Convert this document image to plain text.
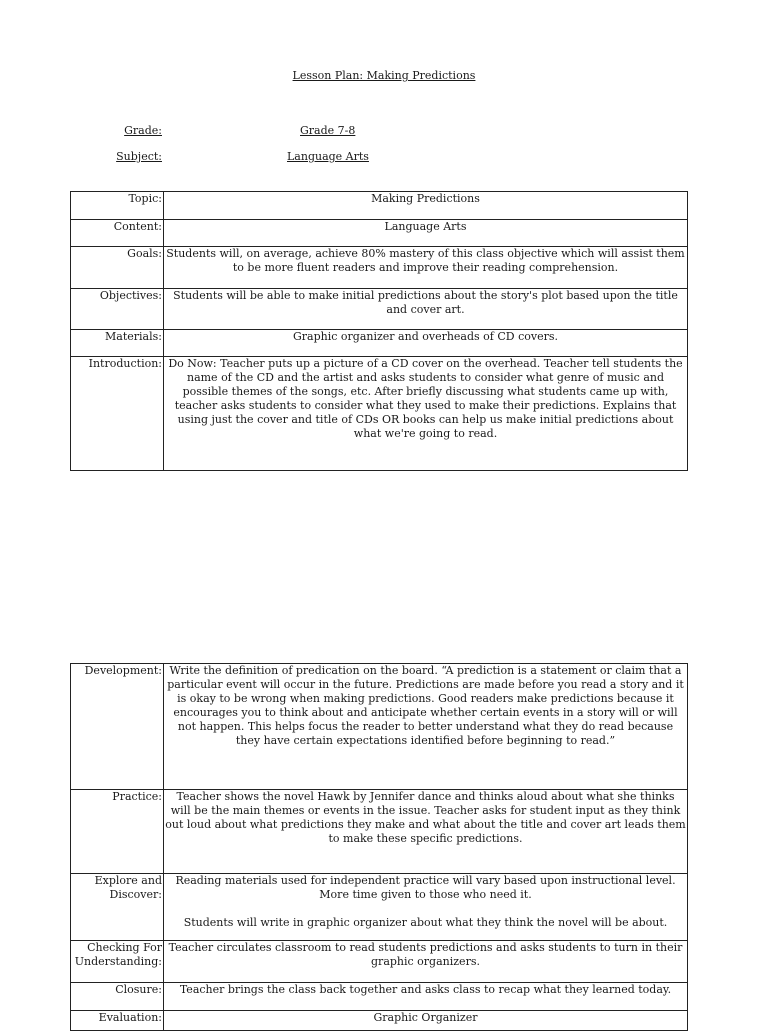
Lesson Plan: Making Predictions
Grade:	Grade 7-8
Subject:	Language Arts
Topic:	Making Predictions
Content:	Language Arts
Goals:	Students will, on average, achieve 80% mastery of this class objective which will assist them to be more fluent readers and improve their reading comprehension.
Objectives:	Students will be able to make initial predictions about the story's plot based upon the title and cover art.
Materials:	Graphic organizer and overheads of CD covers.
Introduction:	Do Now: Teacher puts up a picture of a CD cover on the overhead. Teacher tell students the name of the CD and the artist and asks students to consider what genre of music and possible themes of the songs, etc. After briefly discussing what students came up with, teacher asks students to consider what they used to make their predictions. Explains that using just the cover and title of CDs OR books can help us make initial predictions about what we're going to read.
Development:	Write the definition of predication on the board. “A prediction is a statement or claim that a particular event will occur in the future. Predictions are made before you read a story and it is okay to be wrong when making predictions. Good readers make predictions because it encourages you to think about and anticipate whether certain events in a story will or will not happen. This helps focus the reader to better understand what they do read because they have certain expectations identified before beginning to read.”
Practice:	Teacher shows the novel Hawk by Jennifer dance and thinks aloud about what she thinks will be the main themes or events in the issue. Teacher asks for student input as they think out loud about what predictions they make and what about the title and cover art leads them to make these specific predictions.
Explore and Discover:	Reading materials used for independent practice will vary based upon instructional level. More time given to those who need it.
Students will write in graphic organizer about what they think the novel will be about.
Checking For Understanding:	Teacher circulates classroom to read students predictions and asks students to turn in their graphic organizers.
Closure:	Teacher brings the class back together and asks class to recap what they learned today.
Evaluation:	Graphic Organizer
